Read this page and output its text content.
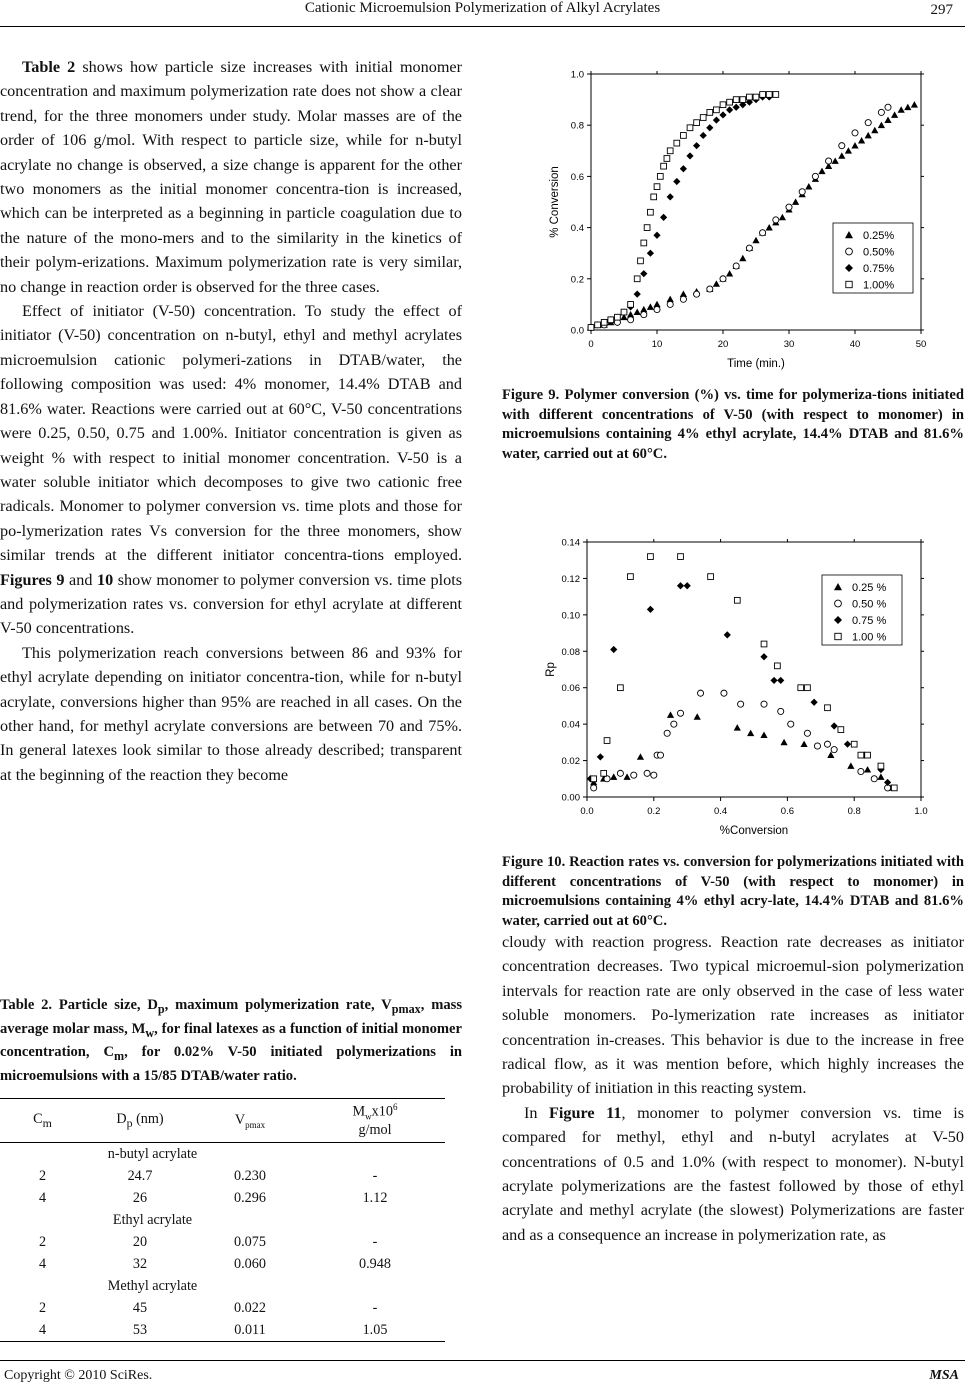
Cationic Microemulsion Polymerization of Alkyl Acrylates	297

Table 2 shows how particle size increases with initial monomer concentration and maximum polymerization rate does not show a clear trend, for the three monomers under study. Molar masses are of the order of 106 g/mol. With respect to particle size, while for n-butyl acrylate no change is observed, a size change is apparent for the other two monomers as the initial monomer concentra-tion is increased, which can be interpreted as a beginning in particle coagulation due to the nature of the mono-mers and to the similarity in the kinetics of their polym-erizations. Maximum polymerization rate is very similar, no change in reaction order is observed for the three cases.

Effect of initiator (V-50) concentration. To study the effect of initiator (V-50) concentration on n-butyl, ethyl and methyl acrylates microemulsion cationic polymeri-zations in DTAB/water, the following composition was used: 4% monomer, 14.4% DTAB and 81.6% water. Reactions were carried out at 60°C, V-50 concentrations were 0.25, 0.50, 0.75 and 1.00%. Initiator concentration is given as weight % with respect to initial monomer concentration. V-50 is a water soluble initiator which decomposes to give two cationic free radicals. Monomer to polymer conversion vs. time plots and those for po-lymerization rates Vs conversion for the three monomers, show similar trends at the different initiator concentra-tions employed. Figures 9 and 10 show monomer to polymer conversion vs. time plots and polymerization rates vs. conversion for ethyl acrylate at different V-50 concentrations.

This polymerization reach conversions between 86 and 93% for ethyl acrylate depending on initiator concentra-tion, while for n-butyl acrylate, conversions higher than 95% are reached in all cases. On the other hand, for methyl acrylate conversions are between 70 and 75%. In general latexes look similar to those already described; transparent at the beginning of the reaction they become

Table 2. Particle size, $D_p$, maximum polymerization rate, $V_{pmax}$, mass average molar mass, $M_w$, for final latexes as a function of initial monomer concentration, $C_m$, for 0.02% V-50 initiated polymerizations in microemulsions with a 15/85 DTAB/water ratio.

$C_m$	$D_p$ (nm)	$V_{pmax}$	$M_wx10^6$
g/mol
n-butyl acrylate			
2	24.7	0.230	-
4	26	0.296	1.12
Ethyl acrylate			
2	20	0.075	-
4	32	0.060	0.948
Methyl acrylate			
2	45	0.022	-
4	53	0.011	1.05
0	10	20	30	40	50
0.0
0.2
0.4
0.6
0.8
1.0
Time (min.)
% Conversion	0.25%
0.50%
0.75%
1.00%

Figure 9. Polymer conversion (%) vs. time for polymeriza-tions initiated with different concentrations of V-50 (with respect to monomer) in microemulsions containing 4% ethyl acrylate, 14.4% DTAB and 81.6% water, carried out at 60°C.

0.0	0.2	0.4	0.6	0.8	1.0
0.00
0.02
0.04
0.06
0.08
0.10
0.12
0.14
%Conversion
Rp
0.25 %
0.50 %
0.75 %
1.00 %

Figure 10. Reaction rates vs. conversion for polymerizations initiated with different concentrations of V-50 (with respect to monomer) in microemulsions containing 4% ethyl acry-late, 14.4% DTAB and 81.6% water, carried out at 60°C.

cloudy with reaction progress. Reaction rate decreases as initiator concentration decreases. Two typical microemul-sion polymerization intervals for reaction rate are only observed in the case of less water soluble monomers. Po-lymerization rate increases as initiator concentration in-creases. This behavior is due to the increase in free radical flow, as it was mention before, which highly increases the probability of initiation in this reacting system.

In Figure 11, monomer to polymer conversion vs. time is compared for methyl, ethyl and n-butyl acrylates at V-50 concentrations of 0.5 and 1.0% (with respect to monomer). N-butyl acrylate polymerizations are the fastest followed by those of ethyl acrylate and methyl acrylate (the slowest) Polymerizations are faster and as a consequence an increase in polymerization rate, as

Copyright © 2010 SciRes.	MSA
